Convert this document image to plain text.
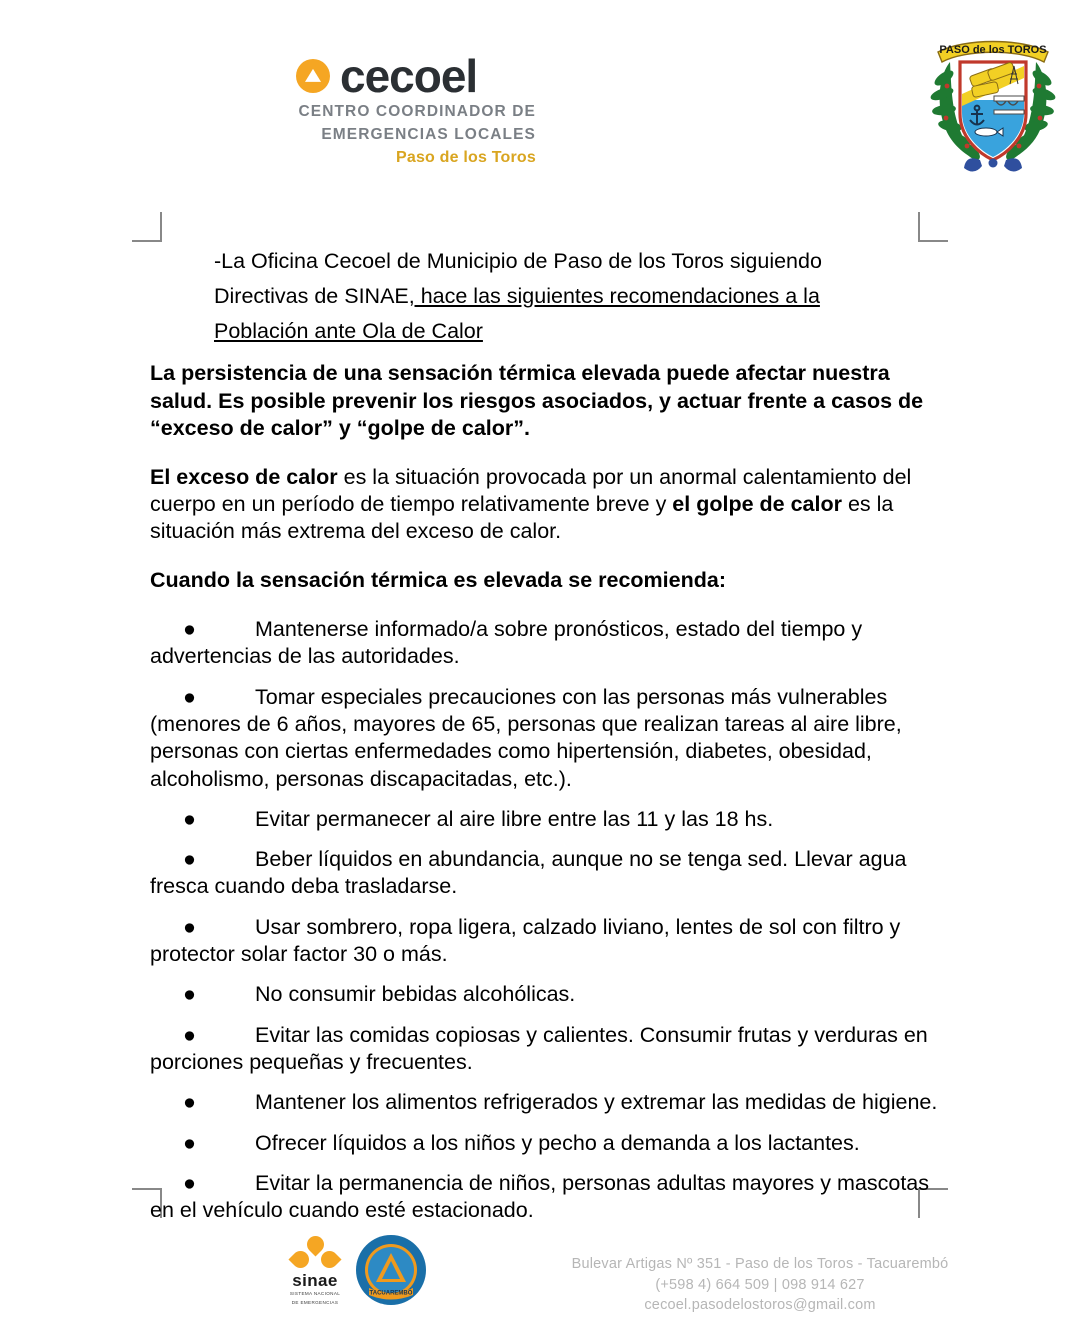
cecoel
CENTRO COORDINADOR DE
EMERGENCIAS LOCALES
Paso de los Toros
PASO de los TOROS
-La Oficina Cecoel de Municipio de Paso de los Toros siguiendo
Directivas de SINAE, hace las siguientes recomendaciones a la
Población ante Ola de Calor

La persistencia de una sensación térmica elevada puede afectar nuestra salud. Es posible prevenir los riesgos asociados, y actuar frente a casos de “exceso de calor” y “golpe de calor”.

El exceso de calor es la situación provocada por un anormal calentamiento del cuerpo en un período de tiempo relativamente breve y el golpe de calor es la situación más extrema del exceso de calor.

Cuando la sensación térmica es elevada se recomienda:

●	Mantenerse informado/a sobre pronósticos, estado del tiempo y advertencias de las autoridades.
●	Tomar especiales precauciones con las personas más vulnerables (menores de 6 años, mayores de 65, personas que realizan tareas al aire libre, personas con ciertas enfermedades como hipertensión, diabetes, obesidad, alcoholismo, personas discapacitadas, etc.).
●	Evitar permanecer al aire libre entre las 11 y las 18 hs.
●	Beber líquidos en abundancia, aunque no se tenga sed. Llevar agua fresca cuando deba trasladarse.
●	Usar sombrero, ropa ligera, calzado liviano, lentes de sol con filtro y protector solar factor 30 o más.
●	No consumir bebidas alcohólicas.
●	Evitar las comidas copiosas y calientes. Consumir frutas y verduras en porciones pequeñas y frecuentes.
●	Mantener los alimentos refrigerados y extremar las medidas de higiene.
●	Ofrecer líquidos a los niños y pecho a demanda a los lactantes.
●	Evitar la permanencia de niños, personas adultas mayores y mascotas en el vehículo cuando esté estacionado.
sinae
SISTEMA NACIONAL
DE EMERGENCIAS
TACUAREMBÓ
Bulevar Artigas Nº 351 - Paso de los Toros - Tacuarembó
(+598 4) 664 509 | 098 914 627
cecoel.pasodelostoros@gmail.com
